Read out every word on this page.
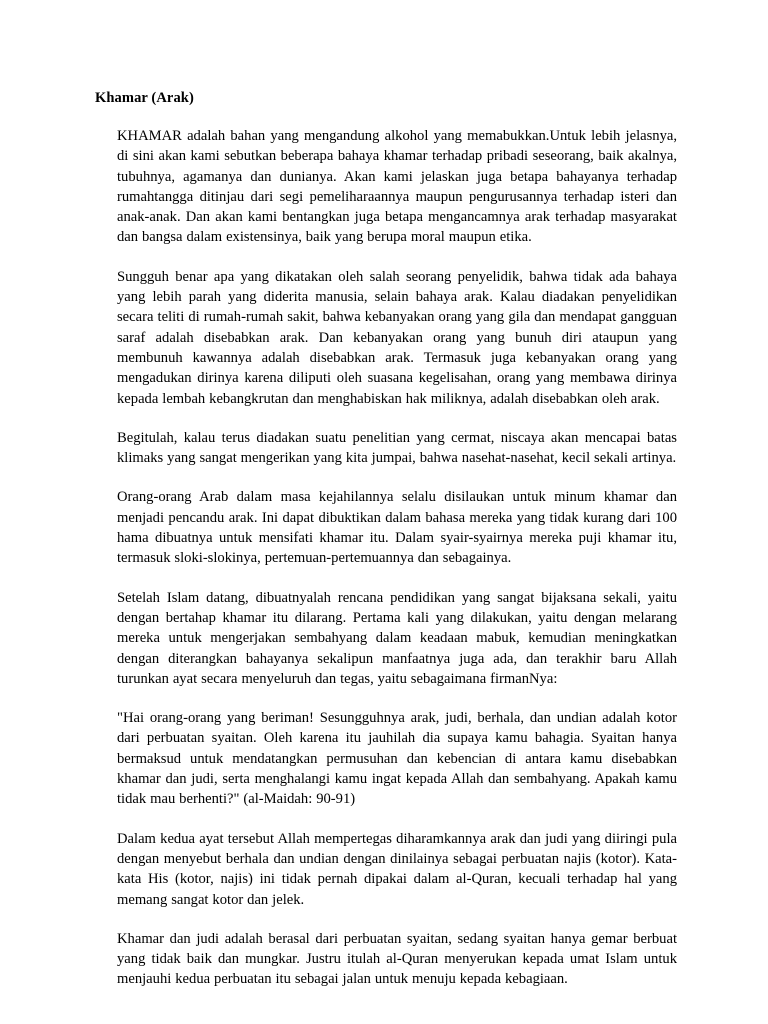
Khamar (Arak)

KHAMAR adalah bahan yang mengandung alkohol yang memabukkan.Untuk lebih jelasnya, di sini akan kami sebutkan beberapa bahaya khamar terhadap pribadi seseorang, baik akalnya, tubuhnya, agamanya dan dunianya. Akan kami jelaskan juga betapa bahayanya terhadap rumahtangga ditinjau dari segi pemeliharaannya maupun pengurusannya terhadap isteri dan anak-anak. Dan akan kami bentangkan juga betapa mengancamnya arak terhadap masyarakat dan bangsa dalam existensinya, baik yang berupa moral maupun etika.

Sungguh benar apa yang dikatakan oleh salah seorang penyelidik, bahwa tidak ada bahaya yang lebih parah yang diderita manusia, selain bahaya arak. Kalau diadakan penyelidikan secara teliti di rumah-rumah sakit, bahwa kebanyakan orang yang gila dan mendapat gangguan saraf adalah disebabkan arak. Dan kebanyakan orang yang bunuh diri ataupun yang membunuh kawannya adalah disebabkan arak. Termasuk juga kebanyakan orang yang mengadukan dirinya karena diliputi oleh suasana kegelisahan, orang yang membawa dirinya kepada lembah kebangkrutan dan menghabiskan hak miliknya, adalah disebabkan oleh arak.

Begitulah, kalau terus diadakan suatu penelitian yang cermat, niscaya akan mencapai batas klimaks yang sangat mengerikan yang kita jumpai, bahwa nasehat-nasehat, kecil sekali artinya.

Orang-orang Arab dalam masa kejahilannya selalu disilaukan untuk minum khamar dan menjadi pencandu arak. Ini dapat dibuktikan dalam bahasa mereka yang tidak kurang dari 100 hama dibuatnya untuk mensifati khamar itu. Dalam syair-syairnya mereka puji khamar itu, termasuk sloki-slokinya, pertemuan-pertemuannya dan sebagainya.

Setelah Islam datang, dibuatnyalah rencana pendidikan yang sangat bijaksana sekali, yaitu dengan bertahap khamar itu dilarang. Pertama kali yang dilakukan, yaitu dengan melarang mereka untuk mengerjakan sembahyang dalam keadaan mabuk, kemudian meningkatkan dengan diterangkan bahayanya sekalipun manfaatnya juga ada, dan terakhir baru Allah turunkan ayat secara menyeluruh dan tegas, yaitu sebagaimana firmanNya:

"Hai orang-orang yang beriman! Sesungguhnya arak, judi, berhala, dan undian adalah kotor dari perbuatan syaitan. Oleh karena itu jauhilah dia supaya kamu bahagia. Syaitan hanya bermaksud untuk mendatangkan permusuhan dan kebencian di antara kamu disebabkan khamar dan judi, serta menghalangi kamu ingat kepada Allah dan sembahyang. Apakah kamu tidak mau berhenti?" (al-Maidah: 90-91)

Dalam kedua ayat tersebut Allah mempertegas diharamkannya arak dan judi yang diiringi pula dengan menyebut berhala dan undian dengan dinilainya sebagai perbuatan najis (kotor). Kata-kata His (kotor, najis) ini tidak pernah dipakai dalam al-Quran, kecuali terhadap hal yang memang sangat kotor dan jelek.

Khamar dan judi adalah berasal dari perbuatan syaitan, sedang syaitan hanya gemar berbuat yang tidak baik dan mungkar. Justru itulah al-Quran menyerukan kepada umat Islam untuk menjauhi kedua perbuatan itu sebagai jalan untuk menuju kepada kebagiaan.
